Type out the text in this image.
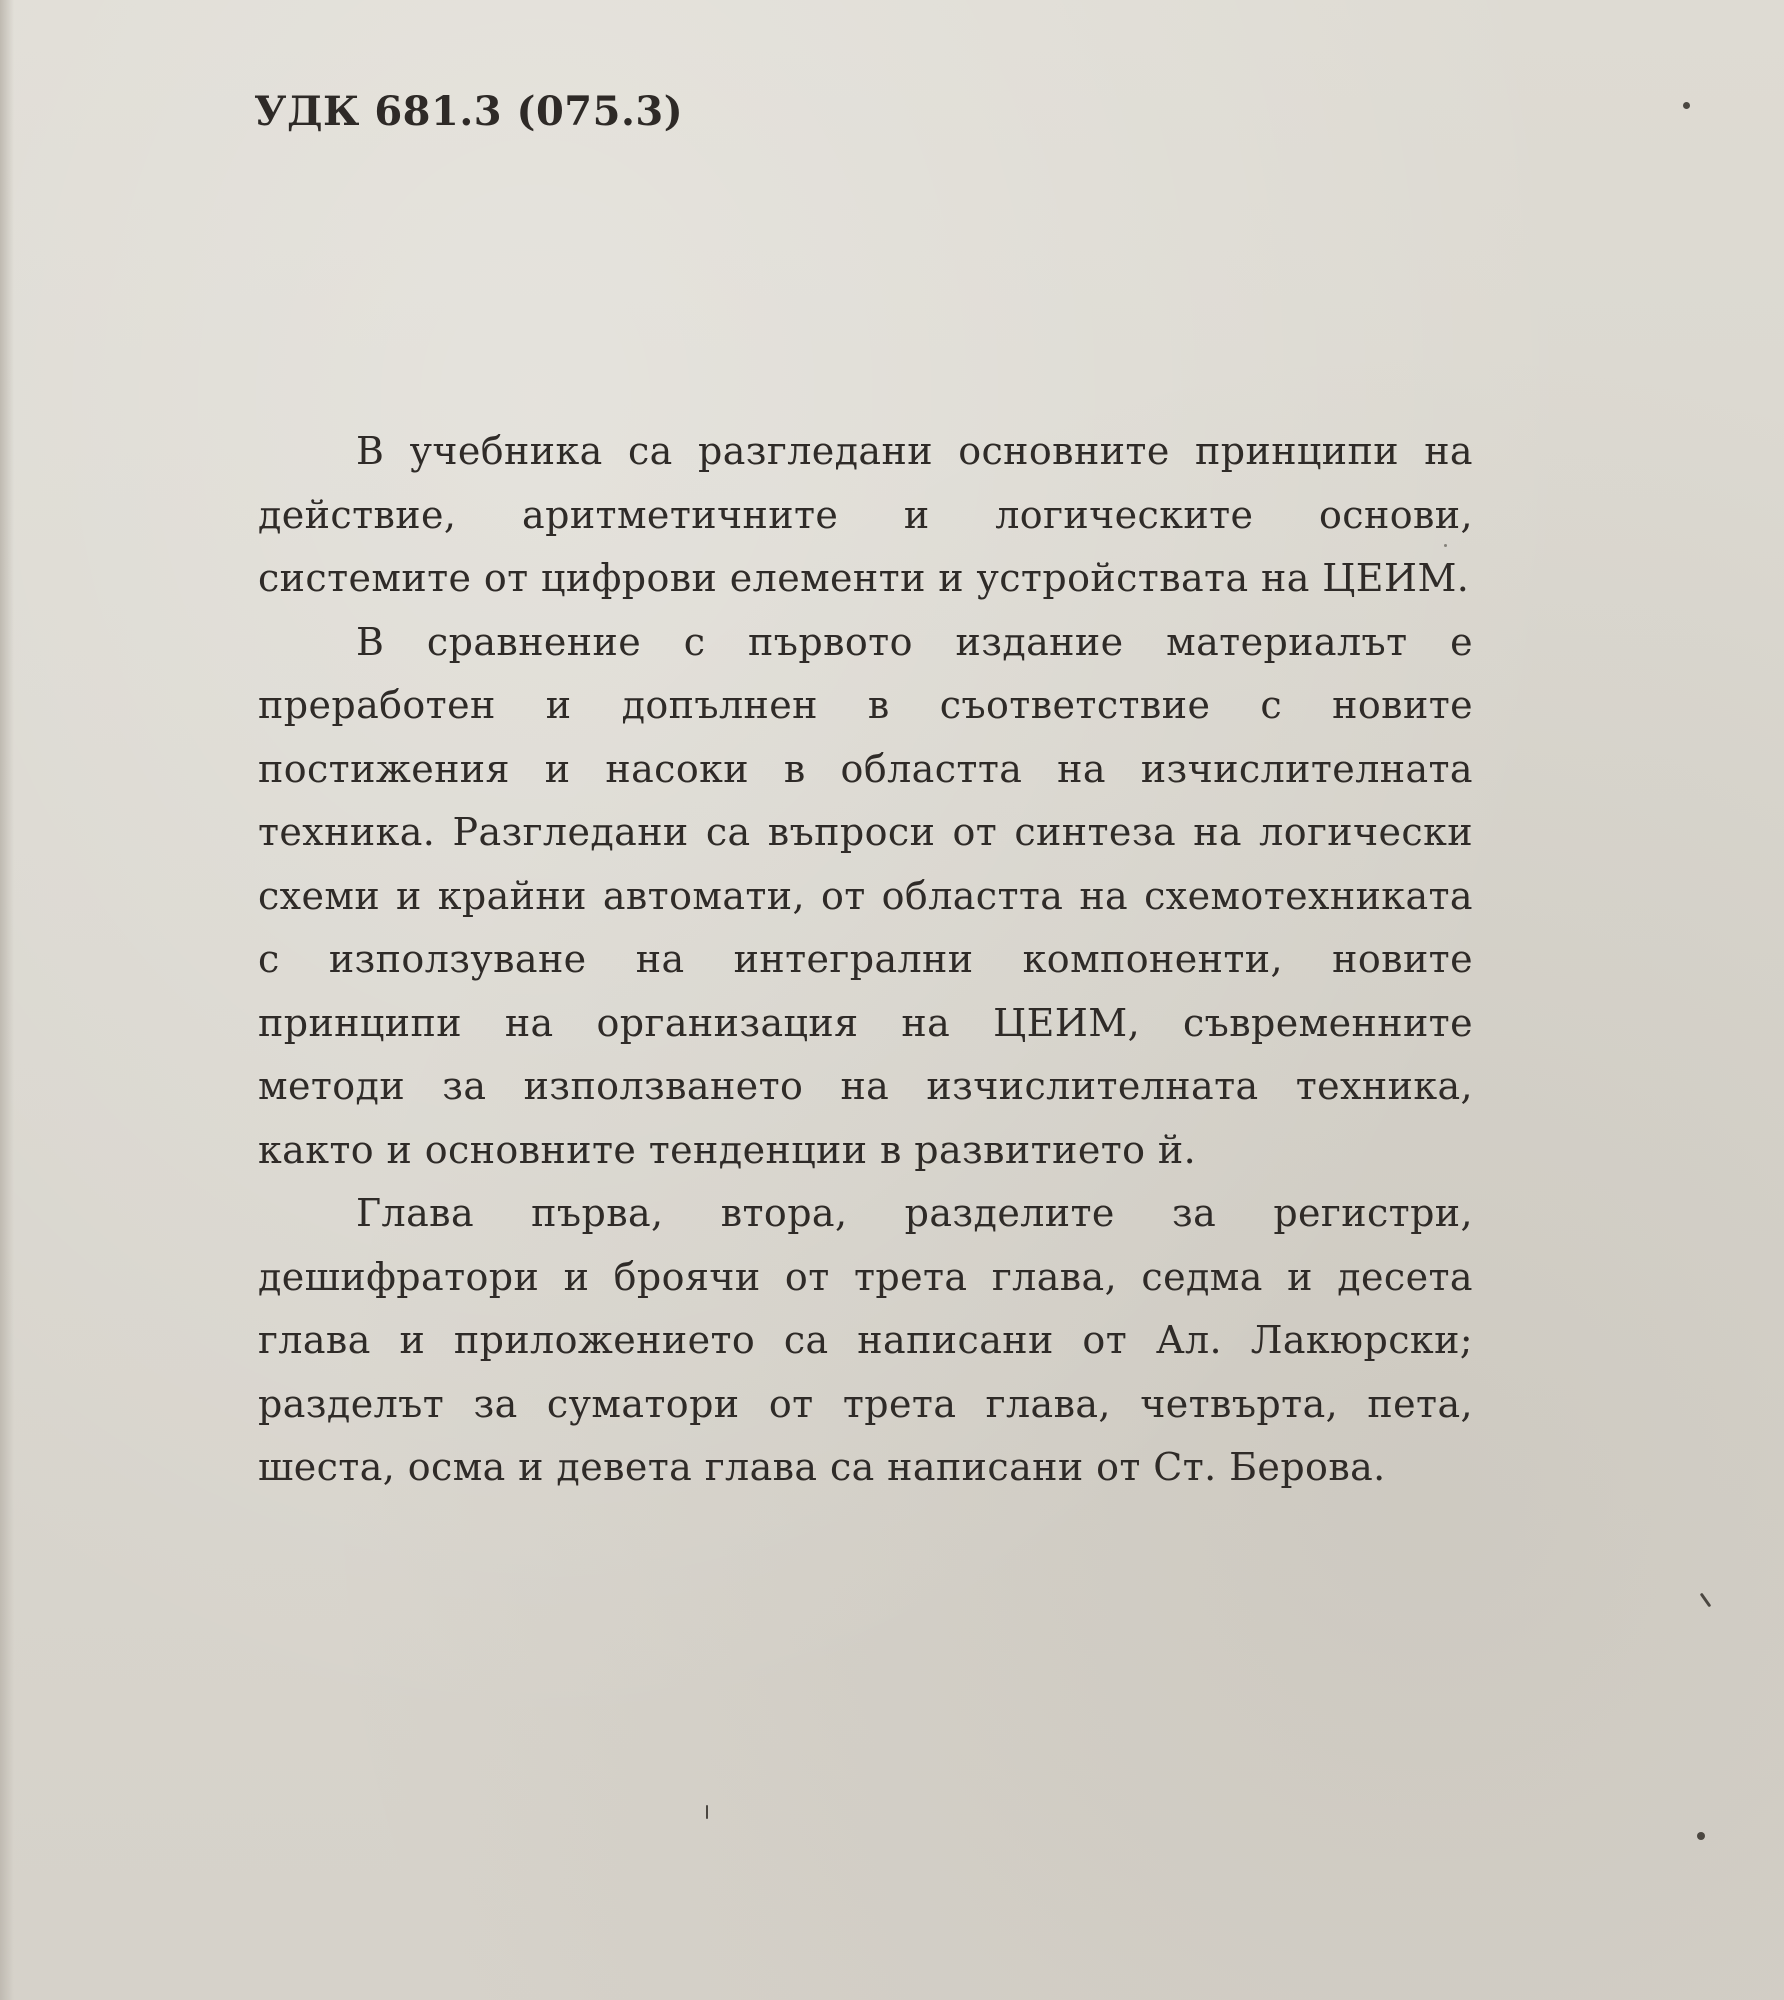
УДК 681.3 (075.3)

В учебника са разгледани основните принципи на действие, аритметичните и логическите основи, системите от цифрови елементи и устройствата на ЦЕИМ.

В сравнение с първото издание материалът е преработен и допълнен в съответствие с новите постижения и насоки в областта на изчислителната техника. Разгледани са въпроси от синтеза на логически схеми и крайни автомати, от областта на схемотехниката с използуване на интегрални компоненти, новите принципи на организация на ЦЕИМ, съвременните методи за използването на изчислителната техника, както и основните тенденции в развитието й.

Глава първа, втора, разделите за регистри, дешифратори и броячи от трета глава, седма и десета глава и приложението са написани от Ал. Лакюрски; разделът за суматори от трета глава, четвърта, пета, шеста, осма и девета глава са написани от Ст. Берова.
